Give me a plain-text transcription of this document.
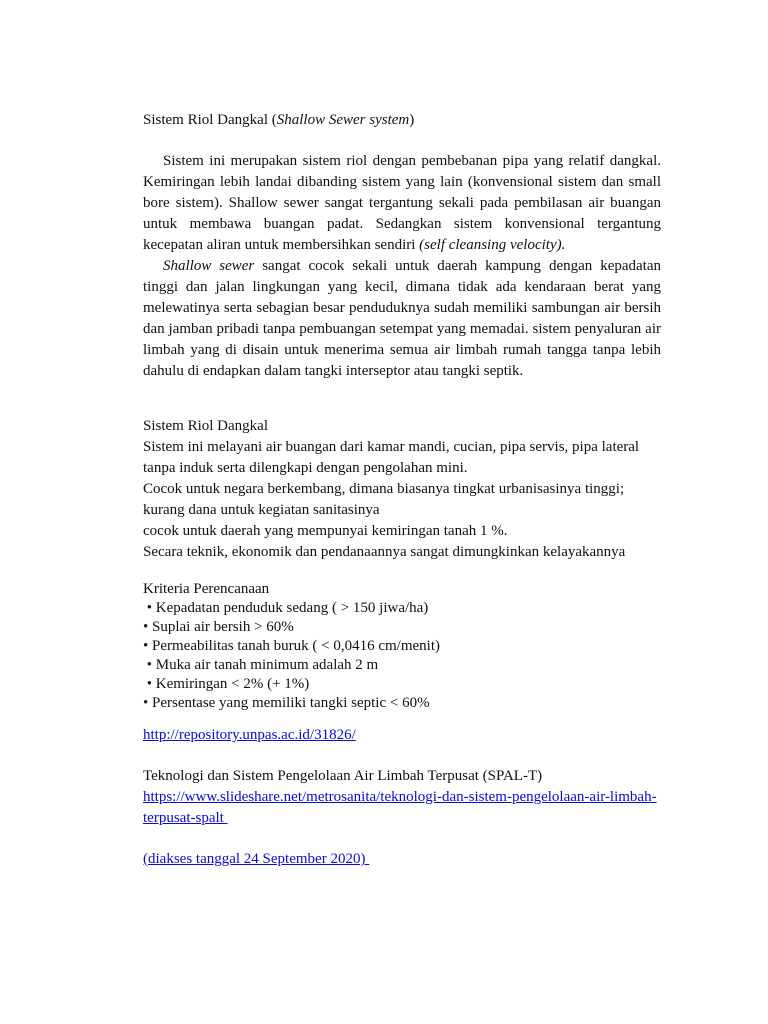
Sistem Riol Dangkal (Shallow Sewer system)

Sistem ini merupakan sistem riol dengan pembebanan pipa yang relatif dangkal. Kemiringan lebih landai dibanding sistem yang lain (konvensional sistem dan small bore sistem). Shallow sewer sangat tergantung sekali pada pembilasan air buangan untuk membawa buangan padat. Sedangkan sistem konvensional tergantung kecepatan aliran untuk membersihkan sendiri (self cleansing velocity).

Shallow sewer sangat cocok sekali untuk daerah kampung dengan kepadatan tinggi dan jalan lingkungan yang kecil, dimana tidak ada kendaraan berat yang melewatinya serta sebagian besar penduduknya sudah memiliki sambungan air bersih dan jamban pribadi tanpa pembuangan setempat yang memadai. sistem penyaluran air limbah yang di disain untuk menerima semua air limbah rumah tangga tanpa lebih dahulu di endapkan dalam tangki interseptor atau tangki septik.

Sistem Riol Dangkal
Sistem ini melayani air buangan dari kamar mandi, cucian, pipa servis, pipa lateral
tanpa induk serta dilengkapi dengan pengolahan mini.
Cocok untuk negara berkembang, dimana biasanya tingkat urbanisasinya tinggi;
kurang dana untuk kegiatan sanitasinya
cocok untuk daerah yang mempunyai kemiringan tanah 1 %.
Secara teknik, ekonomik dan pendanaannya sangat dimungkinkan kelayakannya
Kriteria Perencanaan
• Kepadatan penduduk sedang ( > 150 jiwa/ha)
• Suplai air bersih > 60%
• Permeabilitas tanah buruk ( < 0,0416 cm/menit)
• Muka air tanah minimum adalah 2 m
• Kemiringan < 2% (+ 1%)
• Persentase yang memiliki tangki septic < 60%
http://repository.unpas.ac.id/31826/
Teknologi dan Sistem Pengelolaan Air Limbah Terpusat (SPAL-T)
https://www.slideshare.net/metrosanita/teknologi-dan-sistem-pengelolaan-air-limbah-
terpusat-spalt
(diakses tanggal 24 September 2020)
